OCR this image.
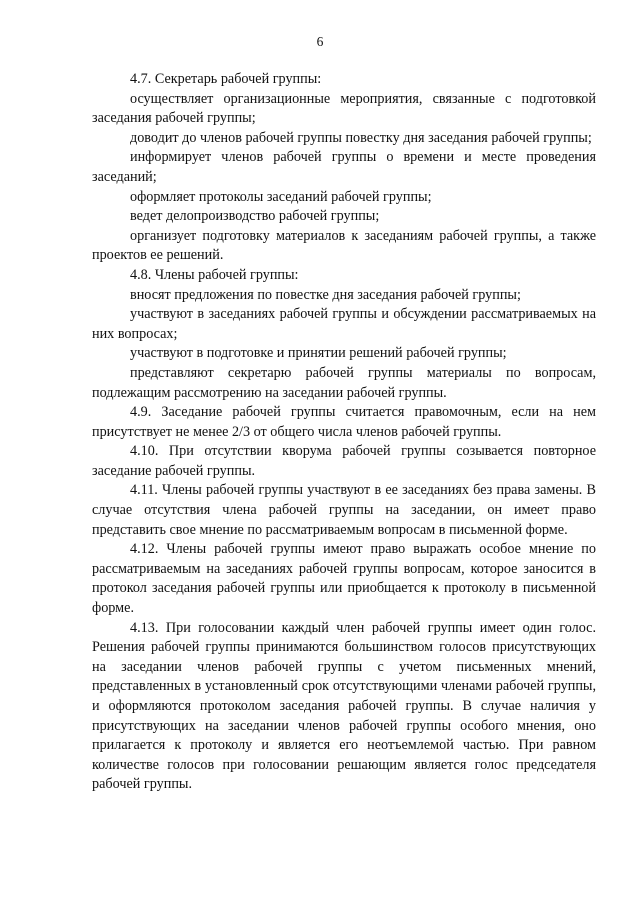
6

4.7. Секретарь рабочей группы:

осуществляет организационные мероприятия, связанные с подготовкой заседания рабочей группы;

доводит до членов рабочей группы повестку дня заседания рабочей группы;

информирует членов рабочей группы о времени и месте проведения заседаний;

оформляет протоколы заседаний рабочей группы;

ведет делопроизводство рабочей группы;

организует подготовку материалов к заседаниям рабочей группы, а также проектов ее решений.

4.8. Члены рабочей группы:

вносят предложения по повестке дня заседания рабочей группы;

участвуют в заседаниях рабочей группы и обсуждении рассматриваемых на них вопросах;

участвуют в подготовке и принятии решений рабочей группы;

представляют секретарю рабочей группы материалы по вопросам, подлежащим рассмотрению на заседании рабочей группы.

4.9. Заседание рабочей группы считается правомочным, если на нем присутствует не менее 2/3 от общего числа членов рабочей группы.

4.10. При отсутствии кворума рабочей группы созывается повторное заседание рабочей группы.

4.11. Члены рабочей группы участвуют в ее заседаниях без права замены. В случае отсутствия члена рабочей группы на заседании, он имеет право представить свое мнение по рассматриваемым вопросам в письменной форме.

4.12. Члены рабочей группы имеют право выражать особое мнение по рассматриваемым на заседаниях рабочей группы вопросам, которое заносится в протокол заседания рабочей группы или приобщается к протоколу в письменной форме.

4.13. При голосовании каждый член рабочей группы имеет один голос. Решения рабочей группы принимаются большинством голосов присутствующих на заседании членов рабочей группы с учетом письменных мнений, представленных в установленный срок отсутствующими членами рабочей группы, и оформляются протоколом заседания рабочей группы. В случае наличия у присутствующих на заседании членов рабочей группы особого мнения, оно прилагается к протоколу и является его неотъемлемой частью. При равном количестве голосов при голосовании решающим является голос председателя рабочей группы.
